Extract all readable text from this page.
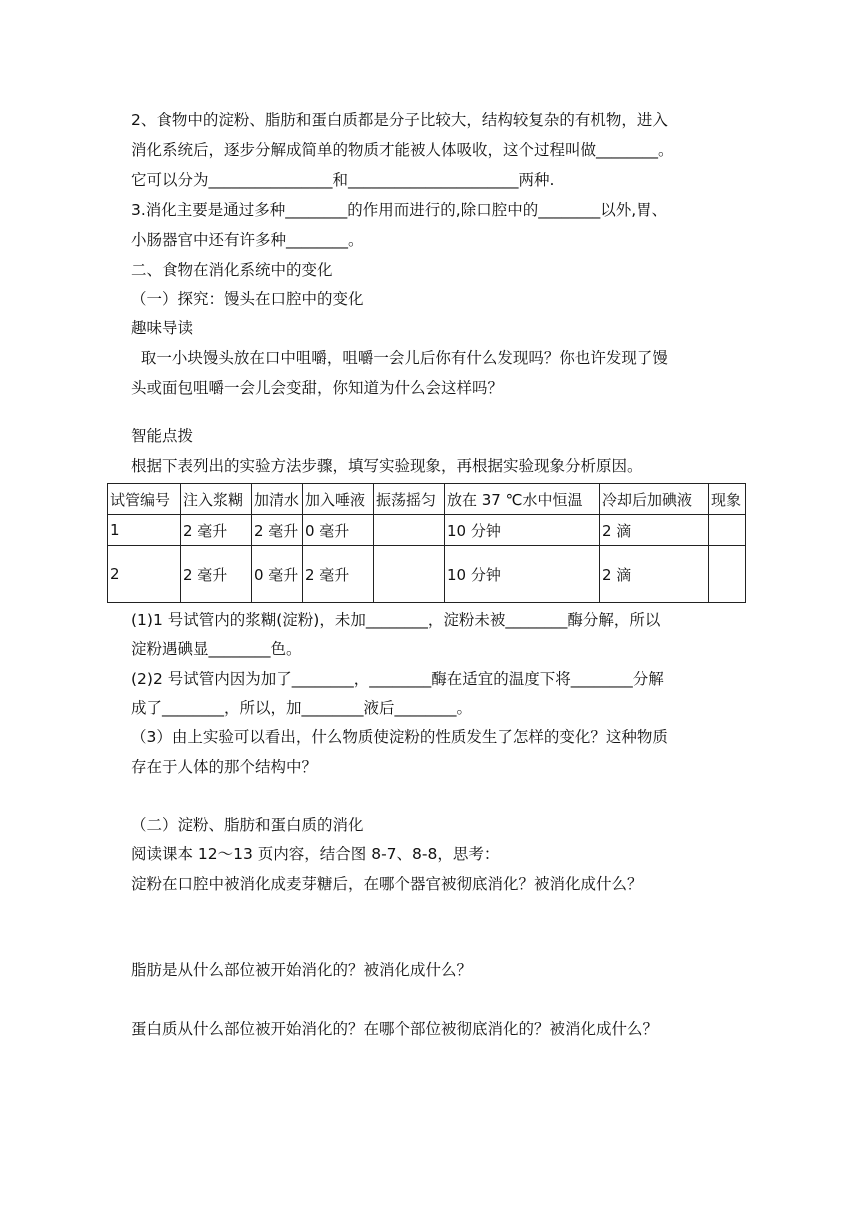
2、食物中的淀粉、脂肪和蛋白质都是分子比较大，结构较复杂的有机物，进入
消化系统后，逐步分解成简单的物质才能被人体吸收，这个过程叫做________。
它可以分为________________和______________________两种.
3.消化主要是通过多种________的作用而进行的,除口腔中的________以外,胃、
小肠器官中还有许多种________。
二、食物在消化系统中的变化
（一）探究：馒头在口腔中的变化
趣味导读
取一小块馒头放在口中咀嚼，咀嚼一会儿后你有什么发现吗？你也许发现了馒
头或面包咀嚼一会儿会变甜，你知道为什么会这样吗？
智能点拨
根据下表列出的实验方法步骤，填写实验现象，再根据实验现象分析原因。
试管编号	注入浆糊	加清水	加入唾液	振荡摇匀	放在 37 ℃水中恒温	冷却后加碘液	现象
1	2 毫升	2 毫升	0 毫升		10 分钟	2 滴	
2	2 毫升	0 毫升	2 毫升		10 分钟	2 滴	
(1)1 号试管内的浆糊(淀粉)，未加________，淀粉未被________酶分解，所以
淀粉遇碘显________色。
(2)2 号试管内因为加了________，________酶在适宜的温度下将________分解
成了________，所以，加________液后________。
（3）由上实验可以看出，什么物质使淀粉的性质发生了怎样的变化？这种物质
存在于人体的那个结构中？
（二）淀粉、脂肪和蛋白质的消化
阅读课本 12～13 页内容，结合图 8-7、8-8，思考：
淀粉在口腔中被消化成麦芽糖后，在哪个器官被彻底消化？被消化成什么？
脂肪是从什么部位被开始消化的？被消化成什么？
蛋白质从什么部位被开始消化的？在哪个部位被彻底消化的？被消化成什么？
